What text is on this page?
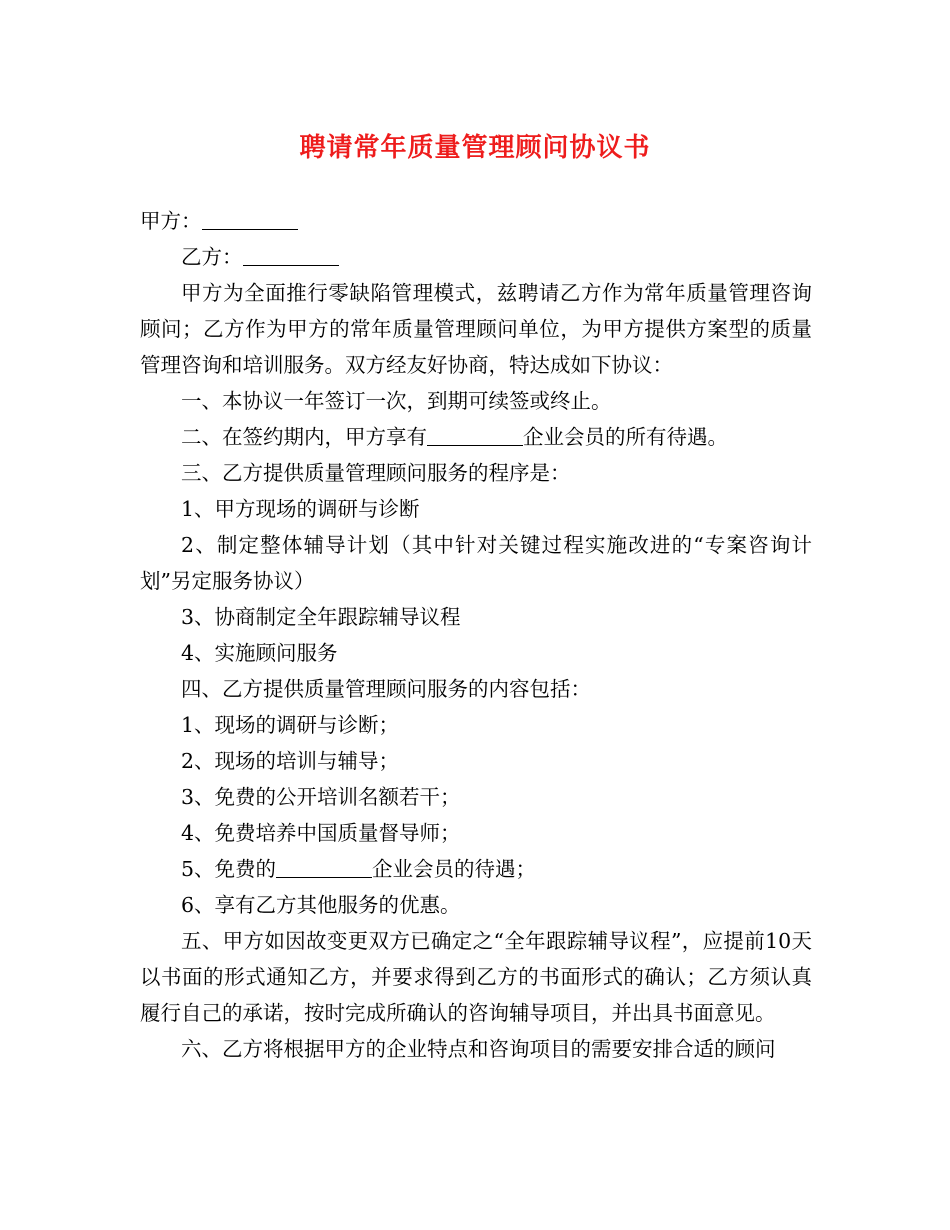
聘请常年质量管理顾问协议书

甲方：

乙方：

甲方为全面推行零缺陷管理模式，兹聘请乙方作为常年质量管理咨询顾问；乙方作为甲方的常年质量管理顾问单位，为甲方提供方案型的质量管理咨询和培训服务。双方经友好协商，特达成如下协议：

一、本协议一年签订一次，到期可续签或终止。

二、在签约期内，甲方享有	企业会员的所有待遇。

三、乙方提供质量管理顾问服务的程序是：

1、甲方现场的调研与诊断

2、制定整体辅导计划（其中针对关键过程实施改进的“专案咨询计划”另定服务协议）

3、协商制定全年跟踪辅导议程

4、实施顾问服务

四、乙方提供质量管理顾问服务的内容包括：

1、现场的调研与诊断；

2、现场的培训与辅导；

3、免费的公开培训名额若干；

4、免费培养中国质量督导师；

5、免费的	企业会员的待遇；

6、享有乙方其他服务的优惠。

五、甲方如因故变更双方已确定之“全年跟踪辅导议程”，应提前10天以书面的形式通知乙方，并要求得到乙方的书面形式的确认；乙方须认真履行自己的承诺，按时完成所确认的咨询辅导项目，并出具书面意见。

六、乙方将根据甲方的企业特点和咨询项目的需要安排合适的顾问
